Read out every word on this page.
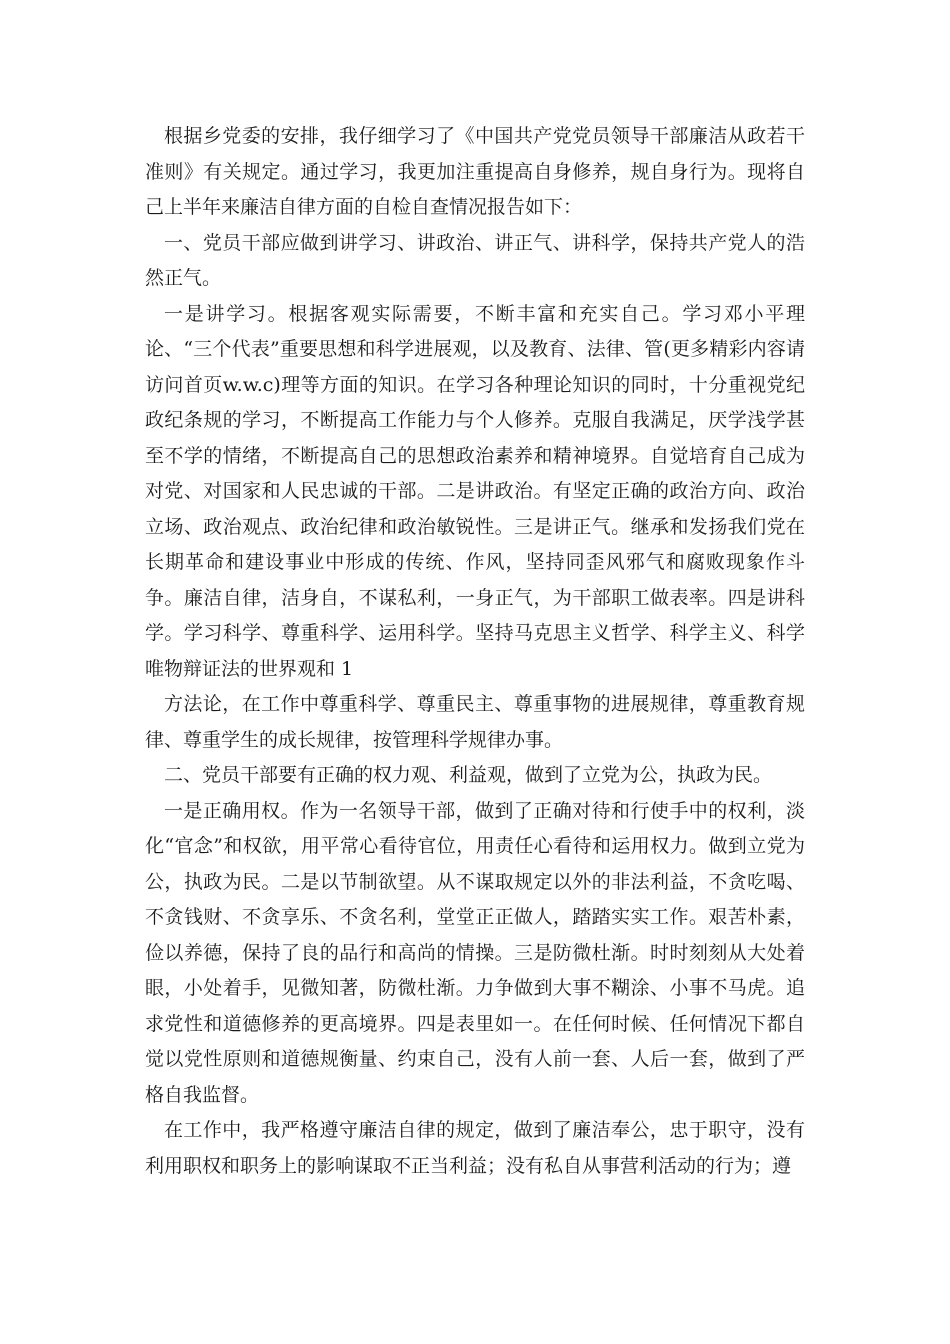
根据乡党委的安排，我仔细学习了《中国共产党党员领导干部廉洁从政若干准则》有关规定。通过学习，我更加注重提高自身修养，规自身行为。现将自己上半年来廉洁自律方面的自检自查情况报告如下：

一、党员干部应做到讲学习、讲政治、讲正气、讲科学，保持共产党人的浩然正气。

一是讲学习。根据客观实际需要，不断丰富和充实自己。学习邓小平理论、“三个代表”重要思想和科学进展观，以及教育、法律、管(更多精彩内容请访问首页w.w.c)理等方面的知识。在学习各种理论知识的同时，十分重视党纪政纪条规的学习，不断提高工作能力与个人修养。克服自我满足，厌学浅学甚至不学的情绪，不断提高自己的思想政治素养和精神境界。自觉培育自己成为对党、对国家和人民忠诚的干部。二是讲政治。有坚定正确的政治方向、政治立场、政治观点、政治纪律和政治敏锐性。三是讲正气。继承和发扬我们党在长期革命和建设事业中形成的传统、作风，坚持同歪风邪气和腐败现象作斗争。廉洁自律，洁身自，不谋私利，一身正气，为干部职工做表率。四是讲科学。学习科学、尊重科学、运用科学。坚持马克思主义哲学、科学主义、科学唯物辩证法的世界观和 1

方法论，在工作中尊重科学、尊重民主、尊重事物的进展规律，尊重教育规律、尊重学生的成长规律，按管理科学规律办事。

二、党员干部要有正确的权力观、利益观，做到了立党为公，执政为民。

一是正确用权。作为一名领导干部，做到了正确对待和行使手中的权利，淡化“官念”和权欲，用平常心看待官位，用责任心看待和运用权力。做到立党为公，执政为民。二是以节制欲望。从不谋取规定以外的非法利益，不贪吃喝、不贪钱财、不贪享乐、不贪名利，堂堂正正做人，踏踏实实工作。艰苦朴素，俭以养德，保持了良的品行和高尚的情操。三是防微杜渐。时时刻刻从大处着眼，小处着手，见微知著，防微杜渐。力争做到大事不糊涂、小事不马虎。追求党性和道德修养的更高境界。四是表里如一。在任何时候、任何情况下都自觉以党性原则和道德规衡量、约束自己，没有人前一套、人后一套，做到了严格自我监督。

在工作中，我严格遵守廉洁自律的规定，做到了廉洁奉公，忠于职守，没有利用职权和职务上的影响谋取不正当利益；没有私自从事营利活动的行为；遵
